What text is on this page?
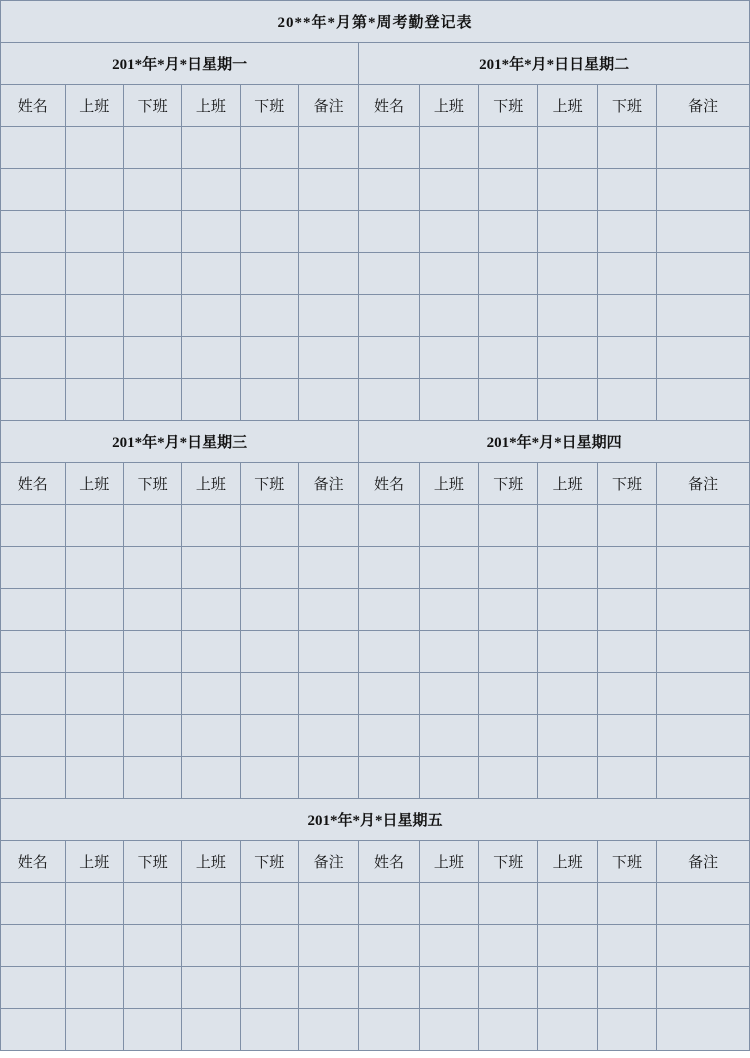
20**年*月第*周考勤登记表											
201*年*月*日星期一						201*年*月*日日星期二					
姓名	上班	下班	上班	下班	备注	姓名	上班	下班	上班	下班	备注

201*年*月*日星期三						201*年*月*日星期四					
姓名	上班	下班	上班	下班	备注	姓名	上班	下班	上班	下班	备注

201*年*月*日星期五											
姓名	上班	下班	上班	下班	备注	姓名	上班	下班	上班	下班	备注
